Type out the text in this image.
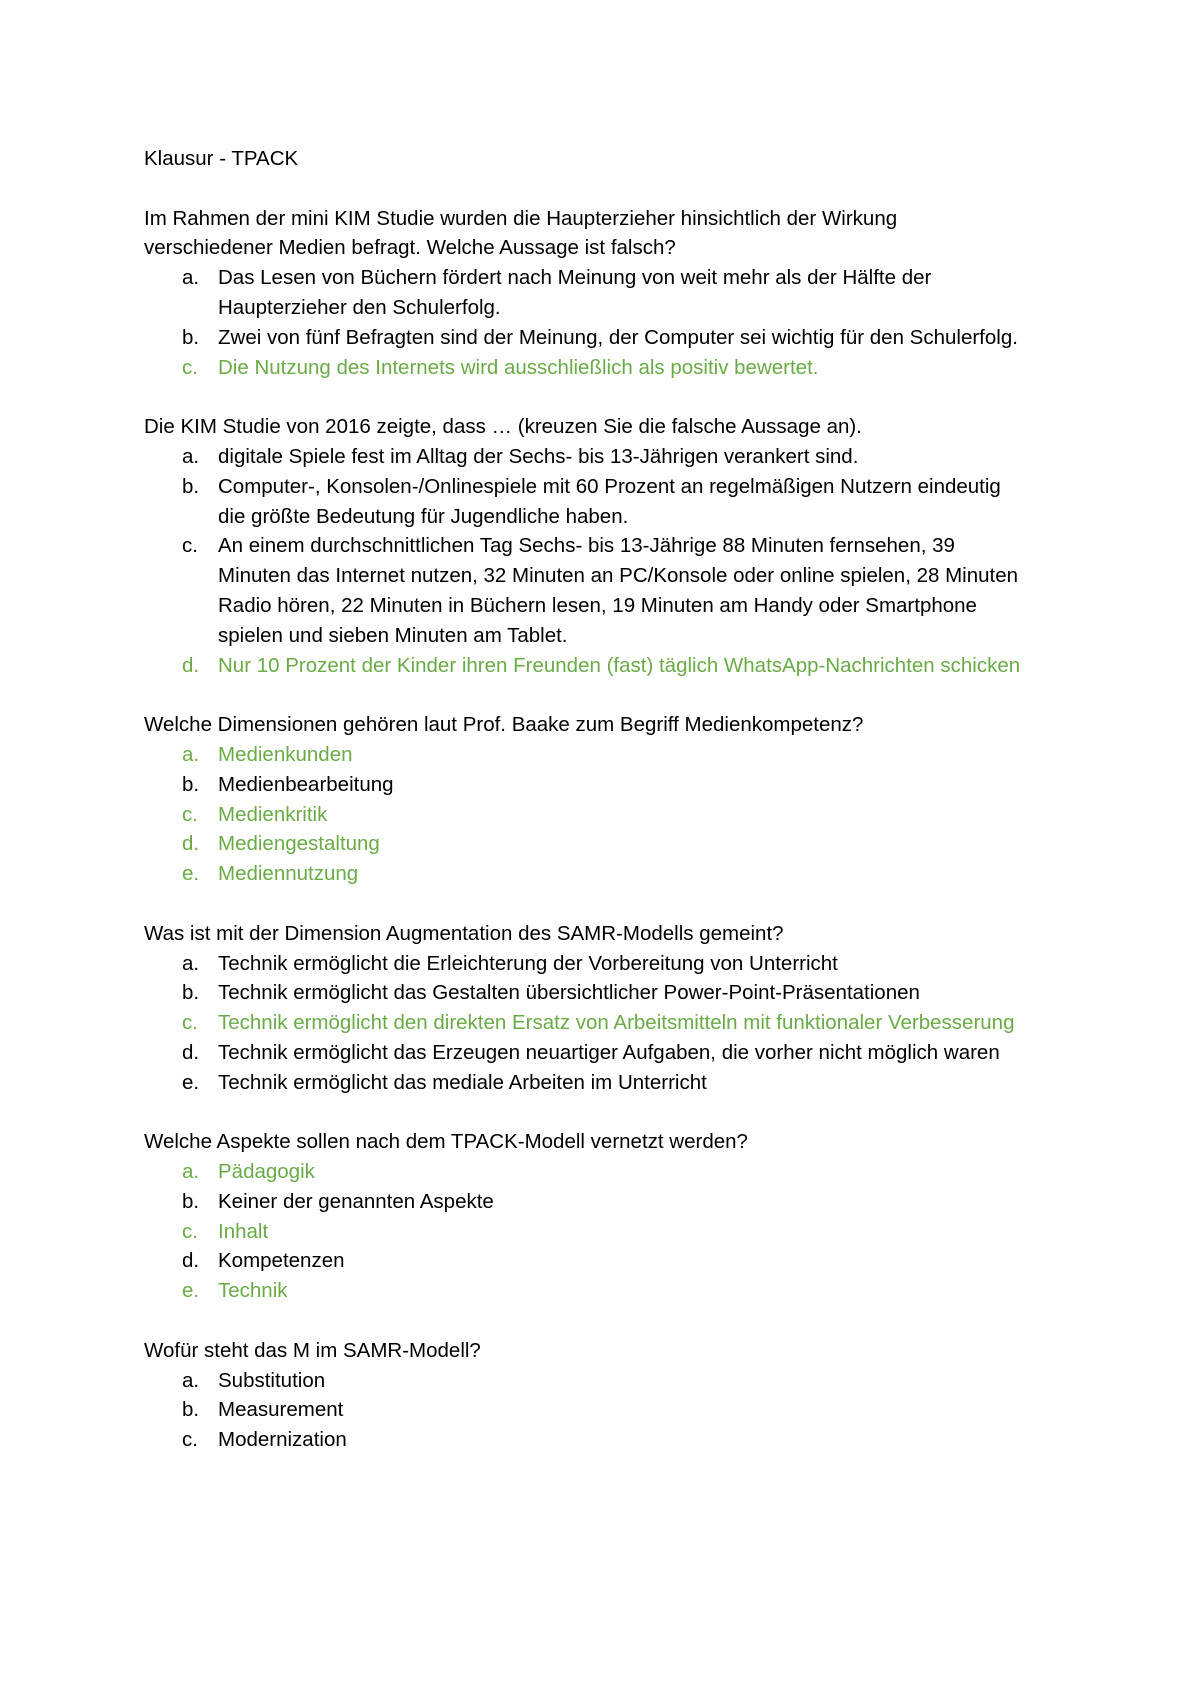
Klausur - TPACK

Im Rahmen der mini KIM Studie wurden die Haupterzieher hinsichtlich der Wirkung verschiedener Medien befragt. Welche Aussage ist falsch?

a. Das Lesen von Büchern fördert nach Meinung von weit mehr als der Hälfte der Haupterzieher den Schulerfolg.
b. Zwei von fünf Befragten sind der Meinung, der Computer sei wichtig für den Schulerfolg.
c. Die Nutzung des Internets wird ausschließlich als positiv bewertet.

Die KIM Studie von 2016 zeigte, dass … (kreuzen Sie die falsche Aussage an).

a. digitale Spiele fest im Alltag der Sechs- bis 13-Jährigen verankert sind.
b. Computer-, Konsolen-/Onlinespiele mit 60 Prozent an regelmäßigen Nutzern eindeutig die größte Bedeutung für Jugendliche haben.
c. An einem durchschnittlichen Tag Sechs- bis 13-Jährige 88 Minuten fernsehen, 39 Minuten das Internet nutzen, 32 Minuten an PC/Konsole oder online spielen, 28 Minuten Radio hören, 22 Minuten in Büchern lesen, 19 Minuten am Handy oder Smartphone spielen und sieben Minuten am Tablet.
d. Nur 10 Prozent der Kinder ihren Freunden (fast) täglich WhatsApp-Nachrichten schicken

Welche Dimensionen gehören laut Prof. Baake zum Begriff Medienkompetenz?

a. Medienkunden
b. Medienbearbeitung
c. Medienkritik
d. Mediengestaltung
e. Mediennutzung

Was ist mit der Dimension Augmentation des SAMR-Modells gemeint?

a. Technik ermöglicht die Erleichterung der Vorbereitung von Unterricht
b. Technik ermöglicht das Gestalten übersichtlicher Power-Point-Präsentationen
c. Technik ermöglicht den direkten Ersatz von Arbeitsmitteln mit funktionaler Verbesserung
d. Technik ermöglicht das Erzeugen neuartiger Aufgaben, die vorher nicht möglich waren
e. Technik ermöglicht das mediale Arbeiten im Unterricht

Welche Aspekte sollen nach dem TPACK-Modell vernetzt werden?

a. Pädagogik
b. Keiner der genannten Aspekte
c. Inhalt
d. Kompetenzen
e. Technik

Wofür steht das M im SAMR-Modell?

a. Substitution
b. Measurement
c. Modernization
